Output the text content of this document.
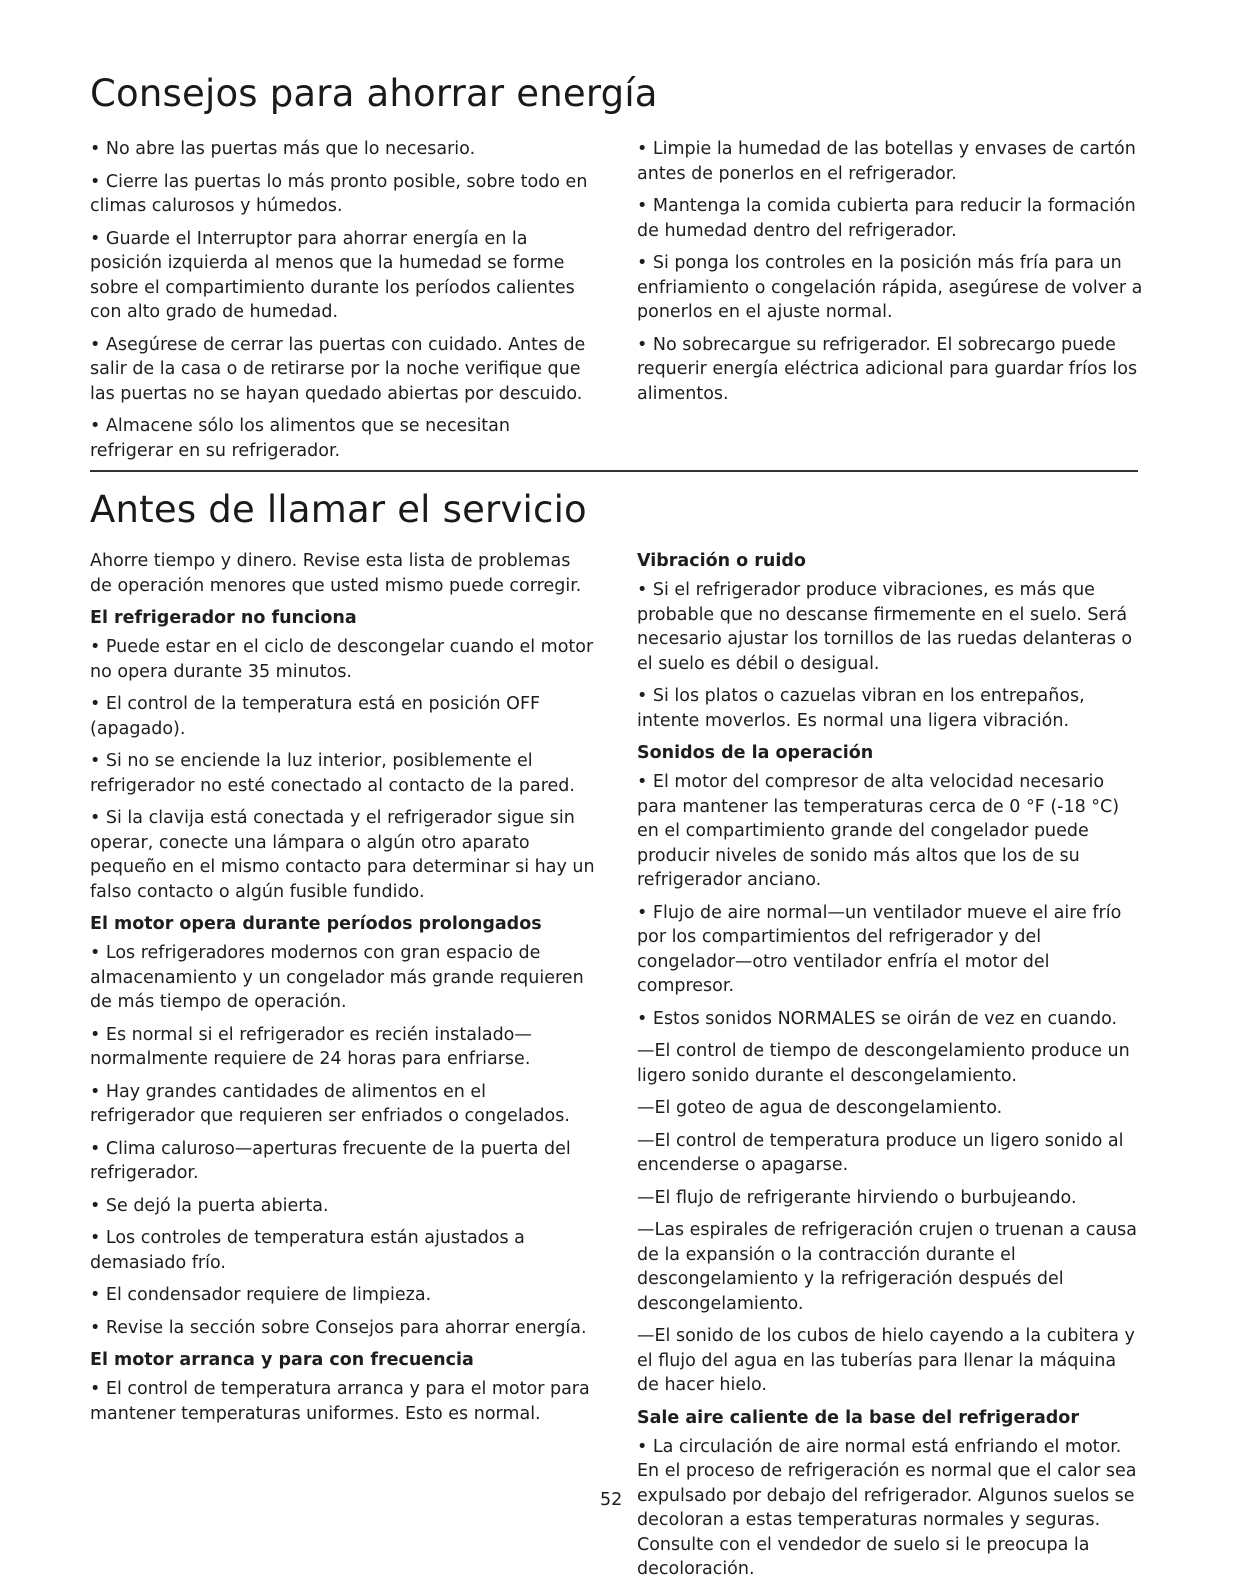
Consejos para ahorrar energía

• No abre las puertas más que lo necesario.

• Cierre las puertas lo más pronto posible, sobre todo en climas calurosos y húmedos.

• Guarde el Interruptor para ahorrar energía en la posición izquierda al menos que la humedad se forme sobre el compartimiento durante los períodos calientes con alto grado de humedad.

• Asegúrese de cerrar las puertas con cuidado. Antes de salir de la casa o de retirarse por la noche verifique que las puertas no se hayan quedado abiertas por descuido.

• Almacene sólo los alimentos que se necesitan refrigerar en su refrigerador.

• Limpie la humedad de las botellas y envases de cartón antes de ponerlos en el refrigerador.

• Mantenga la comida cubierta para reducir la formación de humedad dentro del refrigerador.

• Si ponga los controles en la posición más fría para un enfriamiento o congelación rápida, asegúrese de volver a ponerlos en el ajuste normal.

• No sobrecargue su refrigerador. El sobrecargo puede requerir energía eléctrica adicional para guardar fríos los alimentos.

Antes de llamar el servicio

Ahorre tiempo y dinero. Revise esta lista de problemas de operación menores que usted mismo puede corregir.

El refrigerador no funciona

• Puede estar en el ciclo de descongelar cuando el motor no opera durante 35 minutos.

• El control de la temperatura está en posición OFF (apagado).

• Si no se enciende la luz interior, posiblemente el refrigerador no esté conectado al contacto de la pared.

• Si la clavija está conectada y el refrigerador sigue sin operar, conecte una lámpara o algún otro aparato pequeño en el mismo contacto para determinar si hay un falso contacto o algún fusible fundido.

El motor opera durante períodos prolongados

• Los refrigeradores modernos con gran espacio de almacenamiento y un congelador más grande requieren de más tiempo de operación.

• Es normal si el refrigerador es recién instalado—normalmente requiere de 24 horas para enfriarse.

• Hay grandes cantidades de alimentos en el refrigerador que requieren ser enfriados o congelados.

• Clima caluroso—aperturas frecuente de la puerta del refrigerador.

• Se dejó la puerta abierta.

• Los controles de temperatura están ajustados a demasiado frío.

• El condensador requiere de limpieza.

• Revise la sección sobre Consejos para ahorrar energía.

El motor arranca y para con frecuencia

• El control de temperatura arranca y para el motor para mantener temperaturas uniformes. Esto es normal.

Vibración o ruido

• Si el refrigerador produce vibraciones, es más que probable que no descanse firmemente en el suelo. Será necesario ajustar los tornillos de las ruedas delanteras o el suelo es débil o desigual.

• Si los platos o cazuelas vibran en los entrepaños, intente moverlos. Es normal una ligera vibración.

Sonidos de la operación

• El motor del compresor de alta velocidad necesario para mantener las temperaturas cerca de 0 °F (-18 °C) en el compartimiento grande del congelador puede producir niveles de sonido más altos que los de su refrigerador anciano.

• Flujo de aire normal—un ventilador mueve el aire frío por los compartimientos del refrigerador y del congelador—otro ventilador enfría el motor del compresor.

• Estos sonidos NORMALES se oirán de vez en cuando.

—El control de tiempo de descongelamiento produce un ligero sonido durante el descongelamiento.

—El goteo de agua de descongelamiento.

—El control de temperatura produce un ligero sonido al encenderse o apagarse.

—El flujo de refrigerante hirviendo o burbujeando.

—Las espirales de refrigeración crujen o truenan a causa de la expansión o la contracción durante el descongelamiento y la refrigeración después del descongelamiento.

—El sonido de los cubos de hielo cayendo a la cubitera y el flujo del agua en las tuberías para llenar la máquina de hacer hielo.

Sale aire caliente de la base del refrigerador

• La circulación de aire normal está enfriando el motor. En el proceso de refrigeración es normal que el calor sea expulsado por debajo del refrigerador. Algunos suelos se decoloran a estas temperaturas normales y seguras. Consulte con el vendedor de suelo si le preocupa la decoloración.

52
